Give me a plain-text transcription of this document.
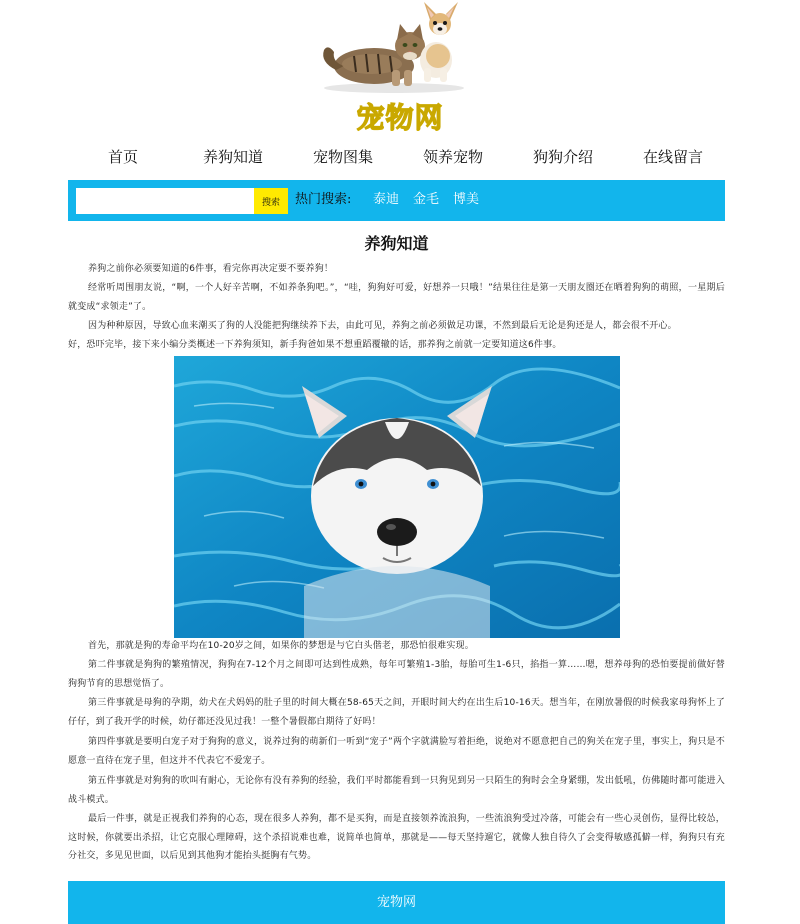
宠物网
首页	养狗知道	宠物图集	领养宠物	狗狗介绍	在线留言
搜索	热门搜索: 泰迪 金毛 博美
养狗知道

养狗之前你必须要知道的6件事，看完你再决定要不要养狗！

经常听周围朋友说，“啊，一个人好辛苦啊，不如养条狗吧。”，“哇，狗狗好可爱，好想养一只哦！”结果往往是第一天朋友圈还在晒着狗狗的萌照，一星期后就变成“求领走”了。

因为种种原因，导致心血来潮买了狗的人没能把狗继续养下去，由此可见，养狗之前必须做足功课，不然到最后无论是狗还是人，都会很不开心。

好，恐吓完毕，接下来小编分类概述一下养狗须知，新手狗爸如果不想重蹈覆辙的话，那养狗之前就一定要知道这6件事。

首先，那就是狗的寿命平均在10-20岁之间，如果你的梦想是与它白头偕老，那恐怕很难实现。

第二件事就是狗狗的繁殖情况，狗狗在7-12个月之间即可达到性成熟，每年可繁殖1-3胎，每胎可生1-6只，掐指一算……嗯，想养母狗的恐怕要提前做好替狗狗节育的思想觉悟了。

第三件事就是母狗的孕期，幼犬在犬妈妈的肚子里的时间大概在58-65天之间，开眼时间大约在出生后10-16天。想当年，在刚放暑假的时候我家母狗怀上了仔仔，到了我开学的时候，幼仔都还没见过我！一整个暑假都白期待了好吗！

第四件事就是要明白宠子对于狗狗的意义，说养过狗的萌新们一听到“宠子”两个字就满脸写着拒绝，说绝对不愿意把自己的狗关在宠子里，事实上，狗只是不愿意一直待在宠子里，但这并不代表它不爱宠子。

第五件事就是对狗狗的吹叫有耐心，无论你有没有养狗的经验，我们平时都能看到一只狗见到另一只陌生的狗时会全身紧绷，发出低吼，仿佛随时都可能进入战斗模式。

最后一件事，就是正视我们养狗的心态，现在很多人养狗，都不是买狗，而是直接领养流浪狗，一些流浪狗受过冷落，可能会有一些心灵创伤，显得比较怂，这时候，你就要出杀招，让它克服心理障碍，这个杀招说难也难，说简单也简单，那就是——每天坚持遛它，就像人独自待久了会变得敏感孤僻一样，狗狗只有充分社交，多见见世面，以后见到其他狗才能抬头挺胸有气势。

宠物网
